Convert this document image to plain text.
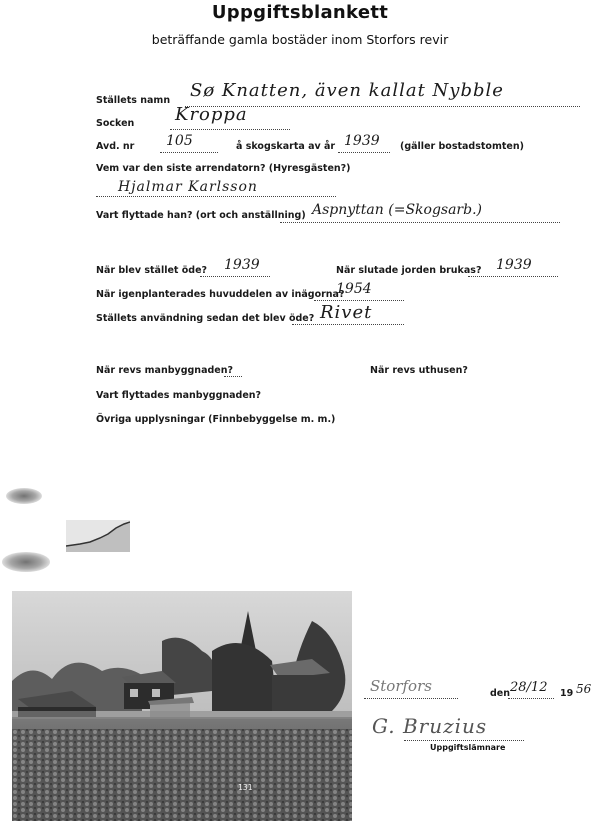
Uppgiftsblankett
beträffande gamla bostäder inom Storfors revir
Ställets namn Sø Knatten, även kallat Nybble
Socken Kroppa
Avd. nr 105	å skogskarta av år 1939 (gäller bostadstomten)
Vem var den siste arrendatorn? (Hyresgästen?)
Hjalmar Karlsson
Vart flyttade han? (ort och anställning) Aspnyttan (=Skogsarb.)
När blev stället öde? 1939	När slutade jorden brukas? 1939
När igenplanterades huvuddelen av inägorna?
1954
Ställets användning sedan det blev öde? Rivet
När revs manbyggnaden?	När revs uthusen?
Vart flyttades manbyggnaden?
Övriga upplysningar (Finnbebyggelse m. m.)
131
Storfors	den 28/12 19 56
G. Bruzius
Uppgiftslämnare
